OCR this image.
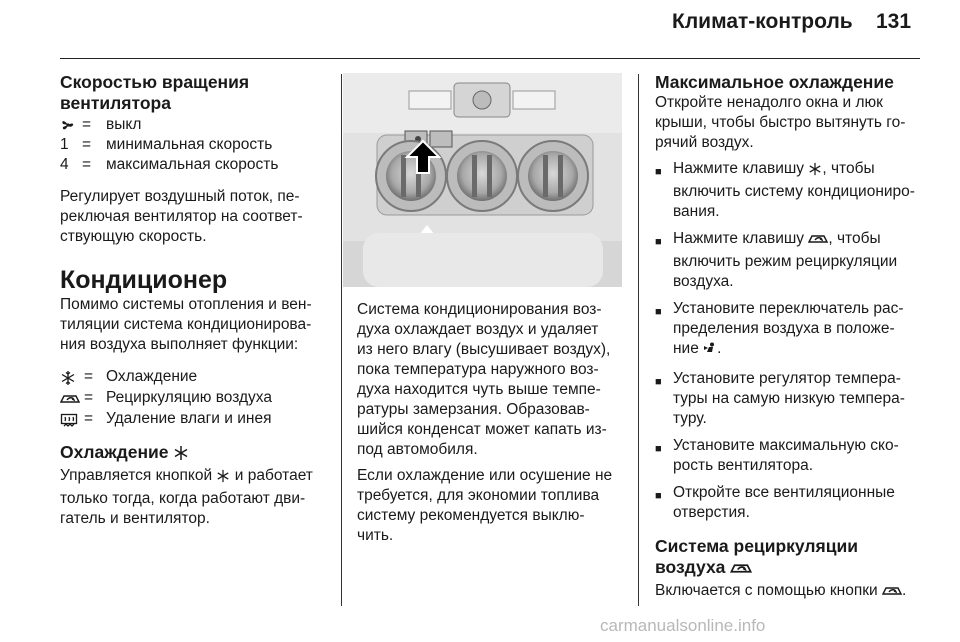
Климат-контроль 131
Скоростью вращения
вентилятора
= выкл
1 = минимальная скорость
4 = максимальная скорость

Регулирует воздушный поток, пе-
реключая вентилятор на соответ-
ствующую скорость.

Кондиционер

Помимо системы отопления и вен-
тиляции система кондиционирова-
ния воздуха выполняет функции:

= Охлаждение
= Рециркуляцию воздуха
= Удаление влаги и инея
Охлаждение

Управляется кнопкой и работает
только тогда, когда работают дви-
гатель и вентилятор.

Система кондиционирования воз-
духа охлаждает воздух и удаляет
из него влагу (высушивает воздух),
пока температура наружного воз-
духа находится чуть выше темпе-
ратуры замерзания. Образовав-
шийся конденсат может капать из-
под автомобиля.

Если охлаждение или осушение не
требуется, для экономии топлива
систему рекомендуется выклю-
чить.

Максимальное охлаждение

Откройте ненадолго окна и люк
крыши, чтобы быстро вытянуть го-
рячий воздух.

■ Нажмите клавишу , чтобы
включить систему кондициониро-
вания.
■ Нажмите клавишу , чтобы
включить режим рециркуляции
воздуха.
■ Установите переключатель рас-
пределения воздуха в положе-
ние .
■ Установите регулятор темпера-
туры на самую низкую темпера-
туру.
■ Установите максимальную ско-
рость вентилятора.
■ Откройте все вентиляционные
отверстия.
Система рециркуляции
воздуха

Включается с помощью кнопки .

carmanualsonline.info
